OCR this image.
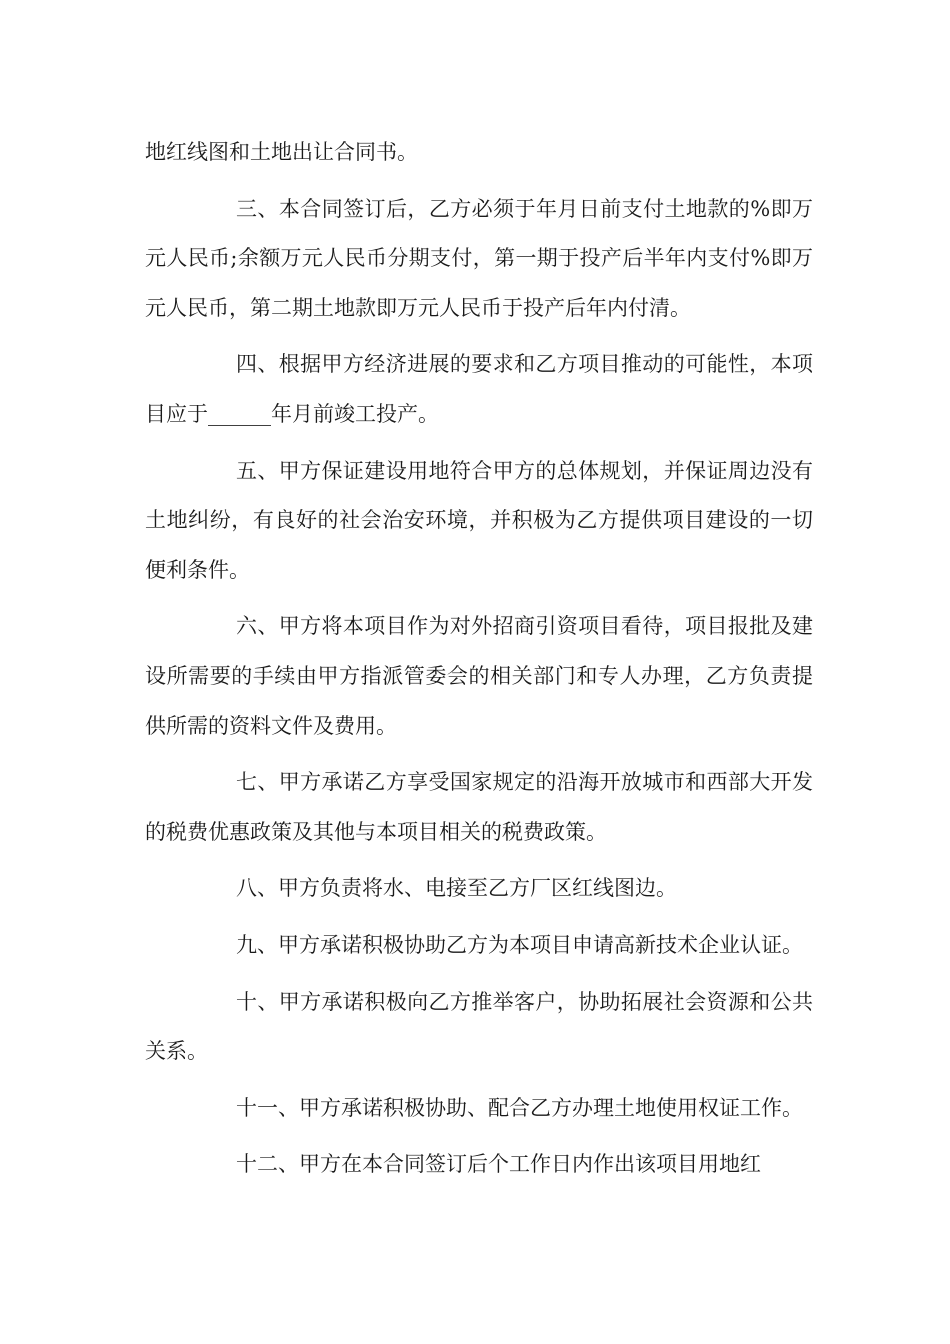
地红线图和土地出让合同书。

三、本合同签订后，乙方必须于年月日前支付土地款的%即万元人民币;余额万元人民币分期支付，第一期于投产后半年内支付%即万元人民币，第二期土地款即万元人民币于投产后年内付清。

四、根据甲方经济进展的要求和乙方项目推动的可能性，本项目应于______年月前竣工投产。

五、甲方保证建设用地符合甲方的总体规划，并保证周边没有土地纠纷，有良好的社会治安环境，并积极为乙方提供项目建设的一切便利条件。

六、甲方将本项目作为对外招商引资项目看待，项目报批及建设所需要的手续由甲方指派管委会的相关部门和专人办理，乙方负责提供所需的资料文件及费用。

七、甲方承诺乙方享受国家规定的沿海开放城市和西部大开发的税费优惠政策及其他与本项目相关的税费政策。

八、甲方负责将水、电接至乙方厂区红线图边。

九、甲方承诺积极协助乙方为本项目申请高新技术企业认证。

十、甲方承诺积极向乙方推举客户，协助拓展社会资源和公共关系。

十一、甲方承诺积极协助、配合乙方办理土地使用权证工作。

十二、甲方在本合同签订后个工作日内作出该项目用地红
